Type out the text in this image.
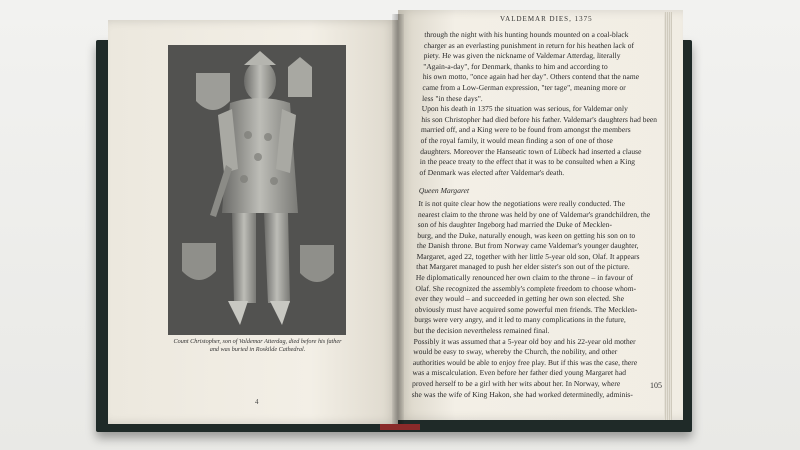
Count Christopher, son of Valdemar Atterdag, died before his father
and was buried in Roskilde Cathedral.
4
VALDEMAR DIES, 1375
through the night with his hunting hounds mounted on a coal-black
charger as an everlasting punishment in return for his heathen lack of
piety. He was given the nickname of Valdemar Atterdag, literally
"Again-a-day", for Denmark, thanks to him and according to
his own motto, "once again had her day". Others contend that the name
came from a Low-German expression, "ter tage", meaning more or
less "in these days".
Upon his death in 1375 the situation was serious, for Valdemar only
his son Christopher had died before his father. Valdemar's daughters had been
married off, and a King were to be found from amongst the members
of the royal family, it would mean finding a son of one of those
daughters. Moreover the Hanseatic town of Lübeck had inserted a clause
in the peace treaty to the effect that it was to be consulted when a King
of Denmark was elected after Valdemar's death.
Queen Margaret
It is not quite clear how the negotiations were really conducted. The
nearest claim to the throne was held by one of Valdemar's grandchildren, the
son of his daughter Ingeborg had married the Duke of Mecklen-
burg, and the Duke, naturally enough, was keen on getting his son on to
the Danish throne. But from Norway came Valdemar's younger daughter,
Margaret, aged 22, together with her little 5-year old son, Olaf. It appears
that Margaret managed to push her elder sister's son out of the picture.
He diplomatically renounced her own claim to the throne – in favour of
Olaf. She recognized the assembly's complete freedom to choose whom-
ever they would – and succeeded in getting her own son elected. She
obviously must have acquired some powerful men friends. The Mecklen-
burgs were very angry, and it led to many complications in the future,
but the decision nevertheless remained final.
Possibly it was assumed that a 5-year old boy and his 22-year old mother
would be easy to sway, whereby the Church, the nobility, and other
authorities would be able to enjoy free play. But if this was the case, there
was a miscalculation. Even before her father died young Margaret had
proved herself to be a girl with her wits about her. In Norway, where
she was the wife of King Hakon, she had worked determinedly, adminis-
105
